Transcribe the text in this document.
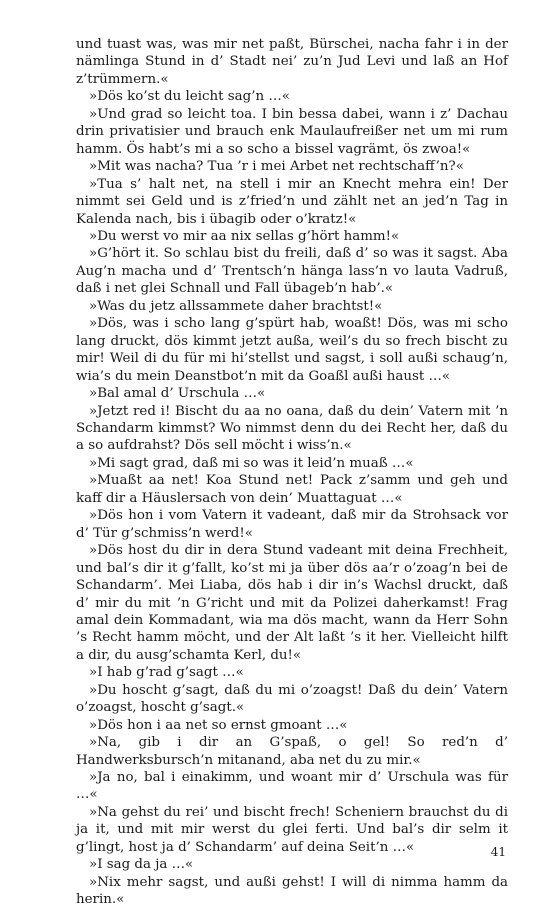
und tuast was, was mir net paßt, Bürschei, nacha fahr i in der nämlinga Stund in d’ Stadt nei’ zu’n Jud Levi und laß an Hof z’trümmern.«

»Dös ko’st du leicht sag’n …«

»Und grad so leicht toa. I bin bessa dabei, wann i z’ Dachau drin privatisier und brauch enk Maulaufreißer net um mi rum hamm. Ös habt’s mi a so scho a bissel vagrämt, ös zwoa!«

»Mit was nacha? Tua ’r i mei Arbet net rechtschaff’n?«

»Tua s’ halt net, na stell i mir an Knecht mehra ein! Der nimmt sei Geld und is z’fried’n und zählt net an jed’n Tag in Kalenda nach, bis i übagib oder o’kratz!«

»Du werst vo mir aa nix sellas g’hört hamm!«

»G’hört it. So schlau bist du freili, daß d’ so was it sagst. Aba Aug’n macha und d’ Trentsch’n hänga lass’n vo lauta Vadruß, daß i net glei Schnall und Fall übageb’n hab’.«

»Was du jetz allssammete daher brachtst!«

»Dös, was i scho lang g’spürt hab, woaßt! Dös, was mi scho lang druckt, dös kimmt jetzt außa, weil’s du so frech bischt zu mir! Weil di du für mi hi’stellst und sagst, i soll außi schaug’n, wia’s du mein Deanstbot’n mit da Goaßl außi haust …«

»Bal amal d’ Urschula …«

»Jetzt red i! Bischt du aa no oana, daß du dein’ Vatern mit ’n Schandarm kimmst? Wo nimmst denn du dei Recht her, daß du a so aufdrahst? Dös sell möcht i wiss’n.«

»Mi sagt grad, daß mi so was it leid’n muaß …«

»Muaßt aa net! Koa Stund net! Pack z’samm und geh und kaff dir a Häuslersach von dein’ Muattaguat …«

»Dös hon i vom Vatern it vadeant, daß mir da Strohsack vor d’ Tür g’schmiss’n werd!«

»Dös host du dir in dera Stund vadeant mit deina Frechheit, und bal’s dir it g’fallt, ko’st mi ja über dös aa’r o’zoag’n bei de Schandarm’. Mei Liaba, dös hab i dir in’s Wachsl druckt, daß d’ mir du mit ’n G’richt und mit da Polizei daherkamst! Frag amal dein Kommadant, wia ma dös macht, wann da Herr Sohn ’s Recht hamm möcht, und der Alt laßt ’s it her. Vielleicht hilft a dir, du ausg’schamta Kerl, du!«

»I hab g’rad g’sagt …«

»Du hoscht g’sagt, daß du mi o’zoagst! Daß du dein’ Vatern o’zoagst, hoscht g’sagt.«

»Dös hon i aa net so ernst gmoant …«

»Na, gib i dir an G’spaß, o gel! So red’n d’ Handwerksbursch’n mitanand, aba net du zu mir.«

»Ja no, bal i einakimm, und woant mir d’ Urschula was für …«

»Na gehst du rei’ und bischt frech! Scheniern brauchst du di ja it, und mit mir werst du glei ferti. Und bal’s dir selm it g’lingt, host ja d’ Schandarm’ auf deina Seit’n …«

»I sag da ja …«

»Nix mehr sagst, und außi gehst! I will di nimma hamm da herin.«

41
